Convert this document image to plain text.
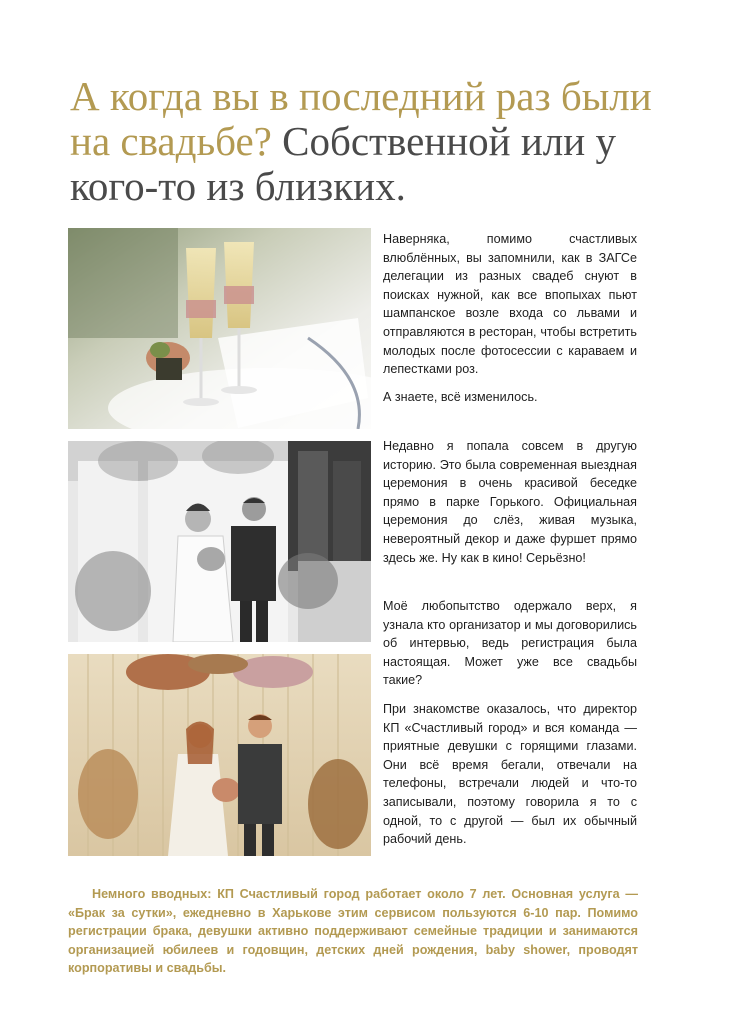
А когда вы в последний раз были на свадьбе? Собственной или у кого-то из близких.

Наверняка, помимо счастливых влюблённых, вы запомнили, как в ЗАГСе делегации из разных свадеб снуют в поисках нужной, как все впопыхах пьют шампанское возле входа со львами и отправляются в ресторан, чтобы встретить молодых после фотосессии с караваем и лепестками роз.

А знаете, всё изменилось.

Недавно я попала совсем в другую историю. Это была современная выездная церемония в очень красивой беседке прямо в парке Горького. Официальная церемония до слёз, живая музыка, невероятный декор и даже фуршет прямо здесь же. Ну как в кино! Серьёзно!

Моё любопытство одержало верх, я узнала кто организатор и мы договорились об интервью, ведь регистрация была настоящая. Может уже все свадьбы такие?

При знакомстве оказалось, что директор КП «Счастливый город» и вся команда — приятные девушки с горящими глазами. Они всё время бегали, отвечали на телефоны, встречали людей и что-то записывали, поэтому говорила я то с одной, то с другой — был их обычный рабочий день.

Немного вводных: КП Счастливый город работает около 7 лет. Основная услуга — «Брак за сутки», ежедневно в Харькове этим сервисом пользуются 6-10 пар. Помимо регистрации брака, девушки активно поддерживают семейные традиции и занимаются организацией юбилеев и годовщин, детских дней рождения, baby shower, проводят корпоративы и свадьбы.
